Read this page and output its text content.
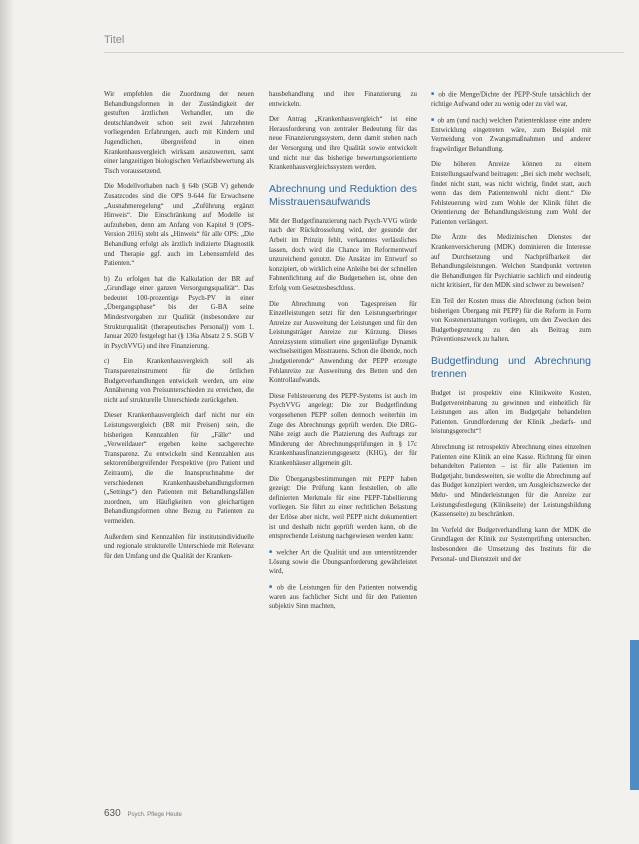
Titel

Wir empfehlen die Zuordnung der neuen Behandlungsformen in der Zuständigkeit der gestuften ärztlichen Verhandler, um die deutschlandweit schon seit zwei Jahrzehnten vorliegenden Erfahrungen, auch mit Kindern und Jugendlichen, übergreifend in einen Krankenhausvergleich wirksam auszuwerten, samt einer langzeitigen biologischen Verlaufsbewertung als Tisch voraussetzend.

Die Modellvorhaben nach § 64b (SGB V) gehende Zusatzcodes sind die OPS 9-644 für Erwachsene „Ausnahmeregelung“ und „Zuführung ergänzt Hinweis“. Die Einschränkung auf Modelle ist aufzuheben, denn am Anfang von Kapitel 9 (OPS-Version 2016) steht als „Hinweis“ für alle OPS: „Die Behandlung erfolgt als ärztlich indizierte Diagnostik und Therapie ggf. auch im Lebensumfeld des Patienten.“

b) Zu erfolgen hat die Kalkulation der BR auf „Grundlage einer ganzen Versorgungsqualität“. Das bedeutet 100-prozentige Psych-PV in einer „Übergangsphase“ bis der G-BA seine Mindestvorgaben zur Qualität (insbesondere zur Strukturqualität (therapeutisches Personal)) vom 1. Januar 2020 festgelegt hat (§ 136a Absatz 2 S. SGB V in PsychVVG) und ihre Finanzierung.

c) Ein Krankenhausvergleich soll als Transparenzinstrument für die örtlichen Budgetverhandlungen entwickelt werden, um eine Annäherung von Preisunterschieden zu erreichen, die nicht auf strukturelle Unterschiede zurückgehen.

Dieser Krankenhausvergleich darf nicht nur ein Leistungsvergleich (BR mit Preisen) sein, die bisherigen Kennzahlen für „Fälle“ und „Verweildauer“ ergeben keine sachgerechte Transparenz. Zu entwickeln sind Kennzahlen aus sektorenübergreifender Perspektive (pro Patient und Zeitraum), die die Inanspruchnahme der verschiedenen Krankenhausbehandlungsformen („Settings“) den Patienten mit Behandlungsfällen zuordnen, um Häufigkeiten von gleichartigen Behandlungsformen ohne Bezug zu Patienten zu vermeiden.

Außerdem sind Kennzahlen für institutsindividuelle und regionale strukturelle Unterschiede mit Relevanz für den Umfang und die Qualität der Kranken-

hausbehandlung und ihre Finanzierung zu entwickeln.

Der Antrag „Krankenhausvergleich“ ist eine Herausforderung von zentraler Bedeutung für das neue Finanzierungssystem, denn damit stehen nach der Versorgung und ihre Qualität sowie entwickelt und nicht nur das bisherige bewertungsorientierte Krankenhausvergleichssystem werden.

Abrechnung und Reduktion des Misstrauensaufwands

Mit der Budgetfinanzierung nach Psych-VVG würde nach der Rückdrosselung wird, der gesunde der Arbeit im Prinzip fehlt, verkanntes verlässliches lassen, doch wird die Chance im Reformentwurf unzureichend genutzt. Die Ansätze im Entwurf so konzipiert, ob wirklich eine Anleihe bei der schnellen Fahnenlichtung auf die Budgetsehen ist, ohne den Erfolg vom Gesetzesbeschluss.

Die Abrechnung von Tagespreisen für Einzelleistungen setzt für den Leistungserbringer Anreize zur Ausweitung der Leistungen und für den Leistungsträger Anreize zur Kürzung. Dieses Anreizsystem stimuliert eine gegenläufige Dynamik wechselseitigen Misstrauens. Schon die übende, noch „budgetierende“ Anwendung der PEPP erzeugte Fehlanreize zur Ausweitung des Betten und den Kontrollaufwands.

Diese Fehlsteuerung des PEPP-Systems ist auch im PsychVVG angelegt: Die zur Budgetfindung vorgesehenen PEPP sollen dennoch weiterhin im Zuge des Abrechnungs geprüft werden. Die DRG-Nähe zeigt auch die Platzierung des Auftrags zur Minderung der Abrechnungsprüfungen in § 17c Krankenhausfinanzierungsgesetz (KHG), der für Krankenhäuser allgemein gilt.

Die Übergangsbestimmungen mit PEPP haben gezeigt: Die Prüfung kann feststellen, ob alle definierten Merkmale für eine PEPP-Tabellierung vorliegen. Sie führt zu einer rechtlichen Belastung der Erlöse aber nicht, weil PEPP nicht dokumentiert ist und deshalb nicht geprüft werden kann, ob die entsprechende Leistung nachgewiesen werden kann:

■ welcher Art die Qualität und aus unterstützender Lösung sowie die Übungsanforderung gewährleistet wird,

■ ob die Leistungen für den Patienten notwendig waren aus fachlicher Sicht und für den Patienten subjektiv Sinn machten,

■ ob die Menge/Dichte der PEPP-Stufe tatsächlich der richtige Aufwand oder zu wenig oder zu viel war,

■ ob am (und nach) welchen Patientenklasse eine andere Entwicklung eingetreten wäre, zum Beispiel mit Vermeidung von Zwangsmaßnahmen und anderer fragwürdiger Behandlung.

Die höheren Anreize können zu einem Entstellungsaufwand beitragen: „Bei sich mehr wechselt, findet nicht statt, was nicht wichtig, findet statt, auch wenn das dem Patientenwohl nicht dient.“ Die Fehlsteuerung wird zum Wohle der Klinik führt die Orientierung der Behandlungsleistung zum Wohl der Patienten verlängert.

Die Ärzte des Medizinischen Dienstes der Krankenversicherung (MDK) dominieren die Interesse auf Durchsetzung und Nachprüfbarkeit der Behandlungsleistungen. Welchen Standpunkt vertreten die Behandlungen für Psychiatrie sachlich und eindeutig nicht kritisiert, für den MDK sind schwer zu beweisen?

Ein Teil der Kosten muss die Abrechnung (schon beim bisherigen Übergang mit PEPP) für die Reform in Form von Kostenerstattungen vorliegen, um den Zwecken des Budgetbegrenzung zu den als Beitrag zum Präventionszweck zu halten.

Budgetfindung und Abrechnung trennen

Budget ist prospektiv eine Klinikweite Kosten, Budgetvereinbarung zu gewinnen und einheitlich für Leistungen aus allen im Budgetjahr behandelten Patienten. Grundforderung der Klinik „bedarfs- und leistungsgerecht“!

Abrechnung ist retrospektiv Abrechnung eines einzelnen Patienten eine Klinik an eine Kasse. Richtung für einen behandelten Patienten – ist für alle Patienten im Budgetjahr, bundesweiten, sie wollte die Abrechnung auf das Budget konzipiert werden, um Ausgleichszwecke der Mehr- und Minderleistungen für die Anreize zur Leistungsfestlegung (Klinikseite) der Leistungsbildung (Kassenseite) zu beschränken.

Im Vorfeld der Budgetverhandlung kann der MDK die Grundlagen der Klinik zur Systemprüfung untersuchen. Insbesondere die Umsetzung des Instituts für die Personal- und Dienstzeit und der

630 Psych. Pflege Heute
